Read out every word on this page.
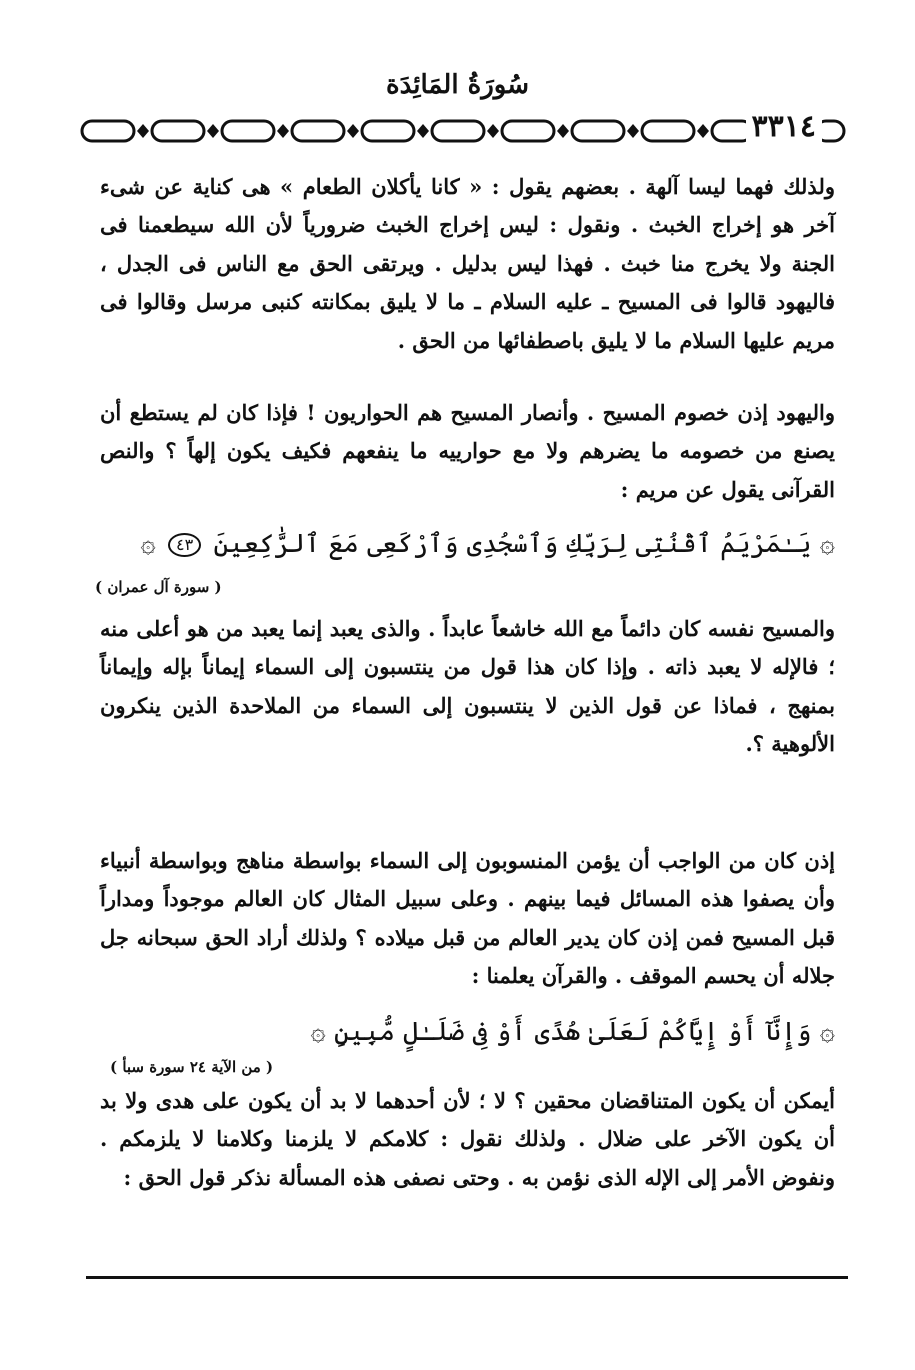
سُورَةُ المَائِدَة
٣٣١٤

ولذلك فهما ليسا آلهة . بعضهم يقول : « كانا يأكلان الطعام » هى كناية عن شىء آخر هو إخراج الخبث . ونقول : ليس إخراج الخبث ضرورياً لأن الله سيطعمنا فى الجنة ولا يخرج منا خبث . فهذا ليس بدليل . ويرتقى الحق مع الناس فى الجدل ، فاليهود قالوا فى المسيح ـ عليه السلام ـ ما لا يليق بمكانته كنبى مرسل وقالوا فى مريم عليها السلام ما لا يليق باصطفائها من الحق .

واليهود إذن خصوم المسيح . وأنصار المسيح هم الحواريون ! فإذا كان لم يستطع أن يصنع من خصومه ما يضرهم ولا مع حوارييه ما ينفعهم فكيف يكون إلهاً ؟ والنص القرآنى يقول عن مريم :

۞ يَـٰمَرْيَمُ ٱقْنُتِى لِرَبِّكِ وَٱسْجُدِى وَٱرْكَعِى مَعَ ٱلرَّٰكِعِينَ ٤٣ ۞
( سورة آل عمران )

والمسيح نفسه كان دائماً مع الله خاشعاً عابداً . والذى يعبد إنما يعبد من هو أعلى منه ؛ فالإله لا يعبد ذاته . وإذا كان هذا قول من ينتسبون إلى السماء إيماناً بإله وإيماناً بمنهج ، فماذا عن قول الذين لا ينتسبون إلى السماء من الملاحدة الذين ينكرون الألوهية ؟.

إذن كان من الواجب أن يؤمن المنسوبون إلى السماء بواسطة مناهج وبواسطة أنبياء وأن يصفوا هذه المسائل فيما بينهم . وعلى سبيل المثال كان العالم موجوداً ومداراً قبل المسيح فمن إذن كان يدير العالم من قبل ميلاده ؟ ولذلك أراد الحق سبحانه جل جلاله أن يحسم الموقف . والقرآن يعلمنا :

۞ وَإِنَّآ أَوْ إِيَّاكُمْ لَعَلَىٰ هُدًى أَوْ فِى ضَلَـٰلٍ مُّبِينٍ ۞
( من الآية ٢٤ سورة سبأ )

أيمكن أن يكون المتناقضان محقين ؟ لا ؛ لأن أحدهما لا بد أن يكون على هدى ولا بد أن يكون الآخر على ضلال . ولذلك نقول : كلامكم لا يلزمنا وكلامنا لا يلزمكم . ونفوض الأمر إلى الإله الذى نؤمن به . وحتى نصفى هذه المسألة نذكر قول الحق :
